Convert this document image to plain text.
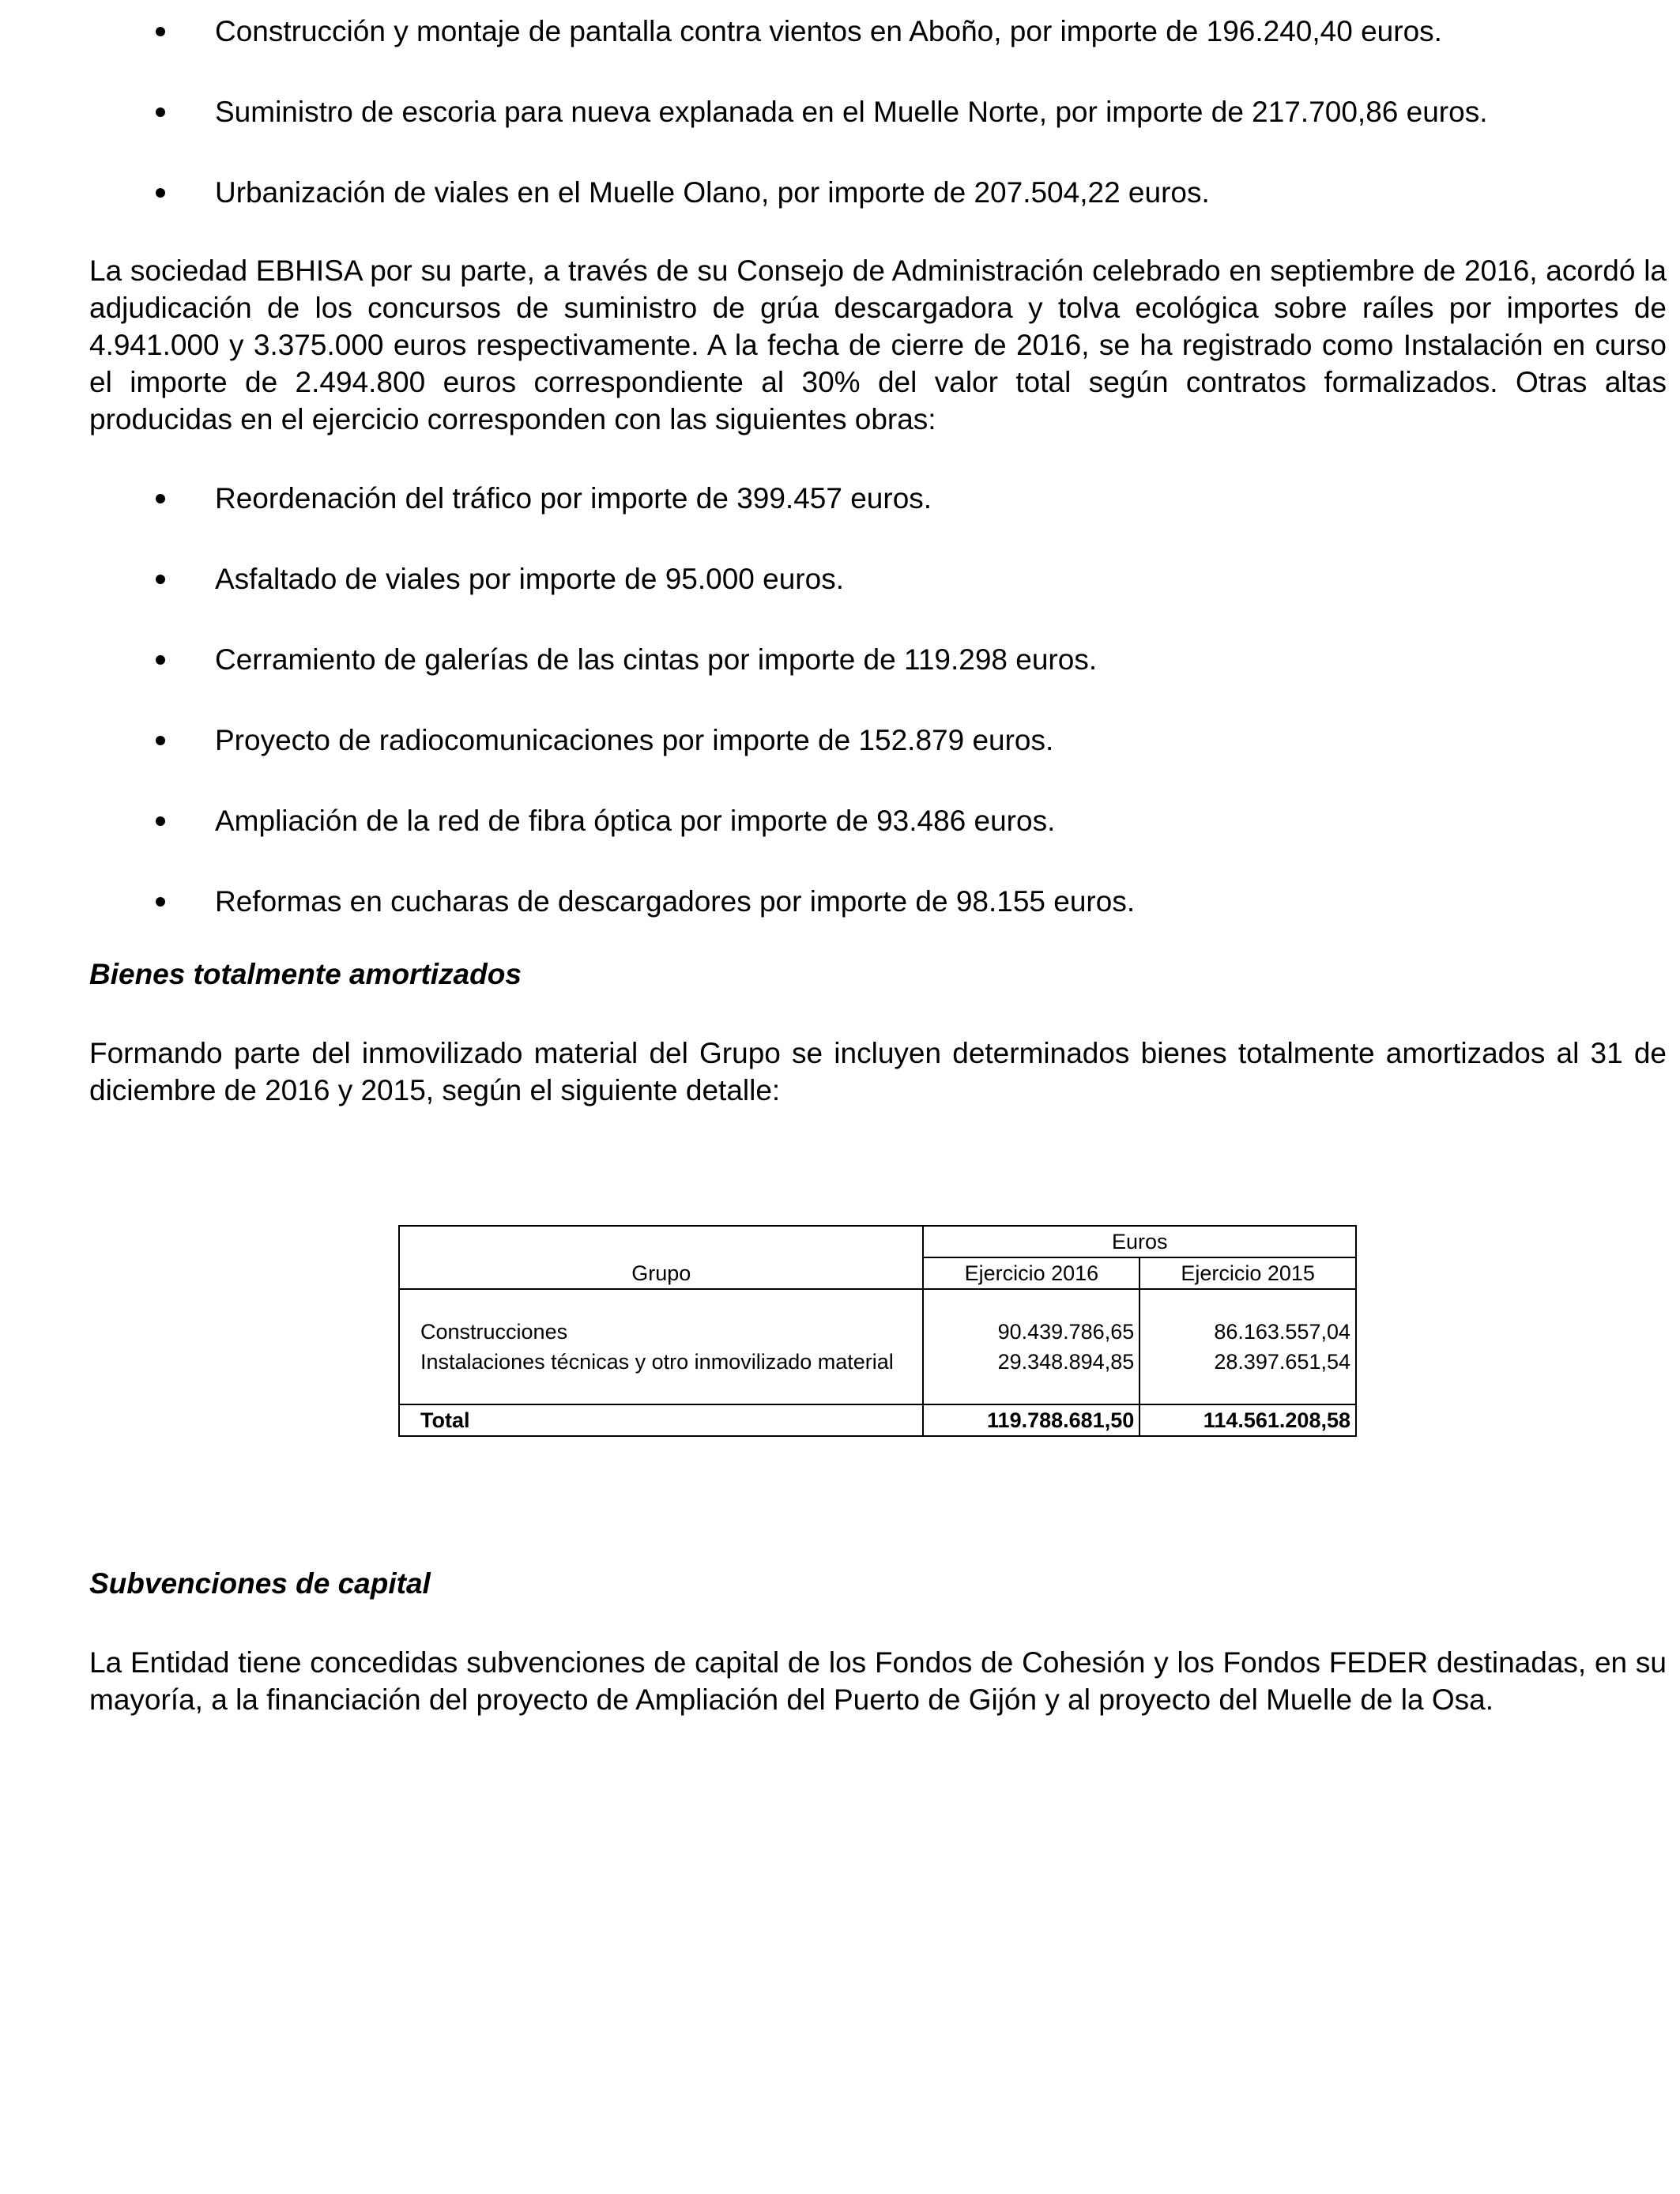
Construcción y montaje de pantalla contra vientos en Aboño, por importe de 196.240,40 euros.
Suministro de escoria para nueva explanada en el Muelle Norte, por importe de 217.700,86 euros.
Urbanización de viales en el Muelle Olano, por importe de 207.504,22 euros.

La sociedad EBHISA por su parte, a través de su Consejo de Administración celebrado en septiembre de 2016, acordó la adjudicación de los concursos de suministro de grúa descargadora y tolva ecológica sobre raíles por importes de 4.941.000 y 3.375.000 euros respectivamente. A la fecha de cierre de 2016, se ha registrado como Instalación en curso el importe de 2.494.800 euros correspondiente al 30% del valor total según contratos formalizados. Otras altas producidas en el ejercicio corresponden con las siguientes obras:

Reordenación del tráfico por importe de 399.457 euros.
Asfaltado de viales por importe de 95.000 euros.
Cerramiento de galerías de las cintas por importe de 119.298 euros.
Proyecto de radiocomunicaciones por importe de 152.879 euros.
Ampliación de la red de fibra óptica por importe de 93.486 euros.
Reformas en cucharas de descargadores por importe de 98.155 euros.
Bienes totalmente amortizados

Formando parte del inmovilizado material del Grupo se incluyen determinados bienes totalmente amortizados al 31 de diciembre de 2016 y 2015, según el siguiente detalle:

	Euros	
Grupo	Ejercicio 2016	Ejercicio 2015

Construcciones	90.439.786,65	86.163.557,04
Instalaciones técnicas y otro inmovilizado material	29.348.894,85	28.397.651,54

Total	119.788.681,50	114.561.208,58
Subvenciones de capital

La Entidad tiene concedidas subvenciones de capital de los Fondos de Cohesión y los Fondos FEDER destinadas, en su mayoría, a la financiación del proyecto de Ampliación del Puerto de Gijón y al proyecto del Muelle de la Osa.
